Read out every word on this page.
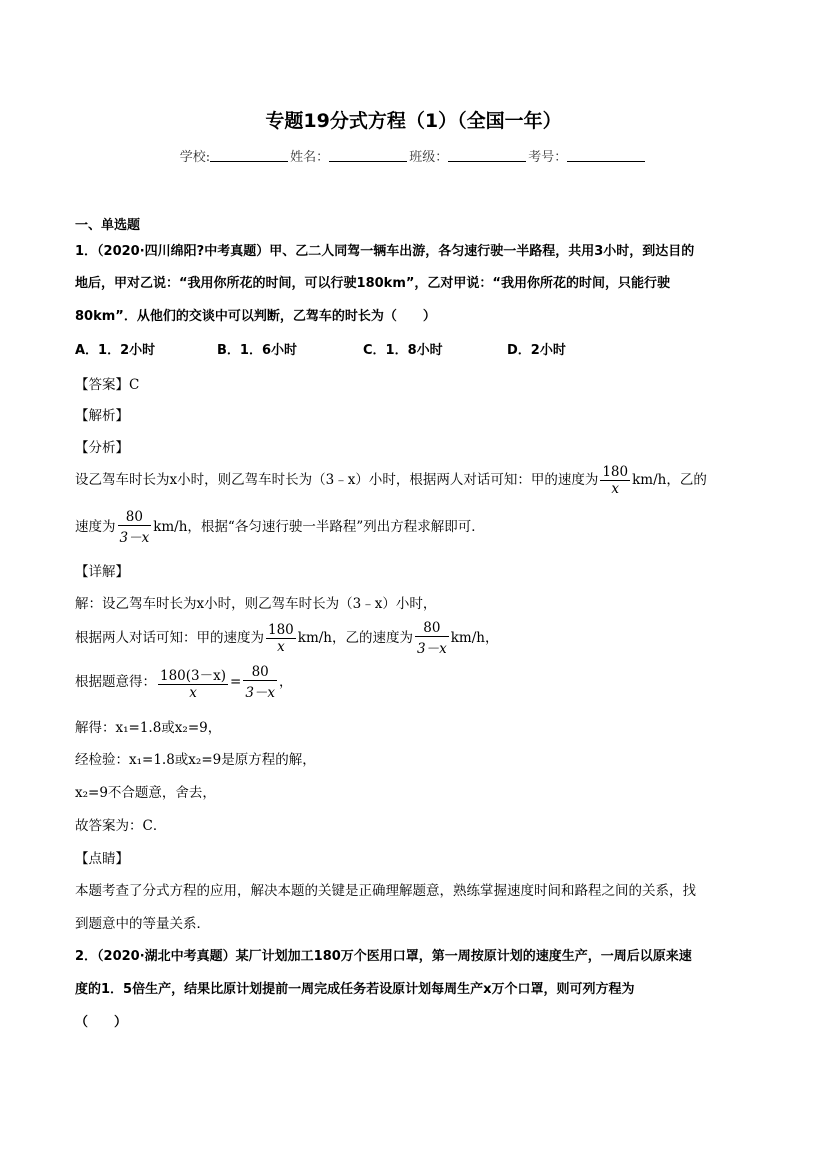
专题19分式方程（1）（全国一年）
学校:	姓名：	班级：	考号：
一、单选题
1．（2020·四川绵阳?中考真题）甲、乙二人同驾一辆车出游，各匀速行驶一半路程，共用3小时，到达目的
地后，甲对乙说：“我用你所花的时间，可以行驶180km”，乙对甲说：“我用你所花的时间，只能行驶
80km”．从他们的交谈中可以判断，乙驾车的时长为（　　）
A．1．2小时	B．1．6小时	C．1．8小时	D．2小时
【答案】C
【解析】
【分析】
设乙驾车时长为x小时，则乙驾车时长为（3﹣x）小时，根据两人对话可知：甲的速度为 $\frac{180}{x} km/h$，乙的
速度为 $\frac{80}{3-x} km/h$，根据“各匀速行驶一半路程”列出方程求解即可．
【详解】
解：设乙驾车时长为x小时，则乙驾车时长为（3﹣x）小时，
根据两人对话可知：甲的速度为 $\frac{180}{x} km/h$，乙的速度为 $\frac{80}{3-x} km/h$，
根据题意得： $\frac{180(3-x)}{x} = \frac{80}{3-x}$ ，
解得：x₁=1.8或x₂=9，
经检验：x₁=1.8或x₂=9是原方程的解，
x₂=9不合题意，舍去，
故答案为：C．
【点睛】
本题考查了分式方程的应用，解决本题的关键是正确理解题意，熟练掌握速度时间和路程之间的关系，找
到题意中的等量关系．
2．（2020·湖北中考真题）某厂计划加工180万个医用口罩，第一周按原计划的速度生产，一周后以原来速
度的1．5倍生产，结果比原计划提前一周完成任务若设原计划每周生产x万个口罩，则可列方程为
（　　）
